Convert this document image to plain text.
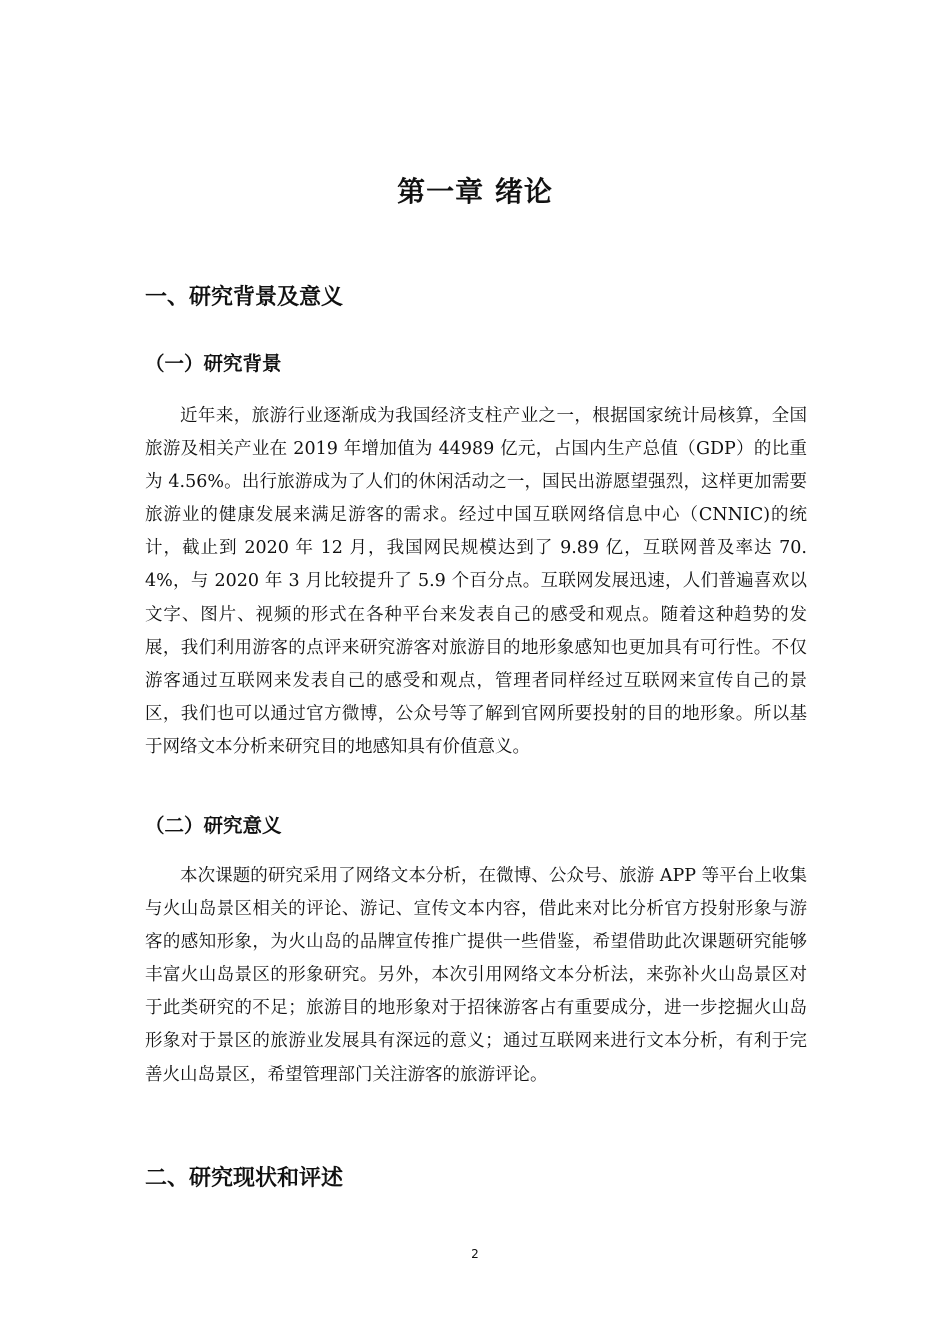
第一章 绪论
一、研究背景及意义
（一）研究背景

近年来，旅游行业逐渐成为我国经济支柱产业之一，根据国家统计局核算，全国旅游及相关产业在 2019 年增加值为 44989 亿元，占国内生产总值（GDP）的比重为 4.56%。出行旅游成为了人们的休闲活动之一，国民出游愿望强烈，这样更加需要旅游业的健康发展来满足游客的需求。经过中国互联网络信息中心（CNNIC)的统计，截止到 2020 年 12 月，我国网民规模达到了 9.89 亿，互联网普及率达 70.4%，与 2020 年 3 月比较提升了 5.9 个百分点。互联网发展迅速，人们普遍喜欢以文字、图片、视频的形式在各种平台来发表自己的感受和观点。随着这种趋势的发展，我们利用游客的点评来研究游客对旅游目的地形象感知也更加具有可行性。不仅游客通过互联网来发表自己的感受和观点，管理者同样经过互联网来宣传自己的景区，我们也可以通过官方微博，公众号等了解到官网所要投射的目的地形象。所以基于网络文本分析来研究目的地感知具有价值意义。

（二）研究意义

本次课题的研究采用了网络文本分析，在微博、公众号、旅游 APP 等平台上收集与火山岛景区相关的评论、游记、宣传文本内容，借此来对比分析官方投射形象与游客的感知形象，为火山岛的品牌宣传推广提供一些借鉴，希望借助此次课题研究能够丰富火山岛景区的形象研究。另外，本次引用网络文本分析法，来弥补火山岛景区对于此类研究的不足；旅游目的地形象对于招徕游客占有重要成分，进一步挖掘火山岛形象对于景区的旅游业发展具有深远的意义；通过互联网来进行文本分析，有利于完善火山岛景区，希望管理部门关注游客的旅游评论。

二、研究现状和评述
2
